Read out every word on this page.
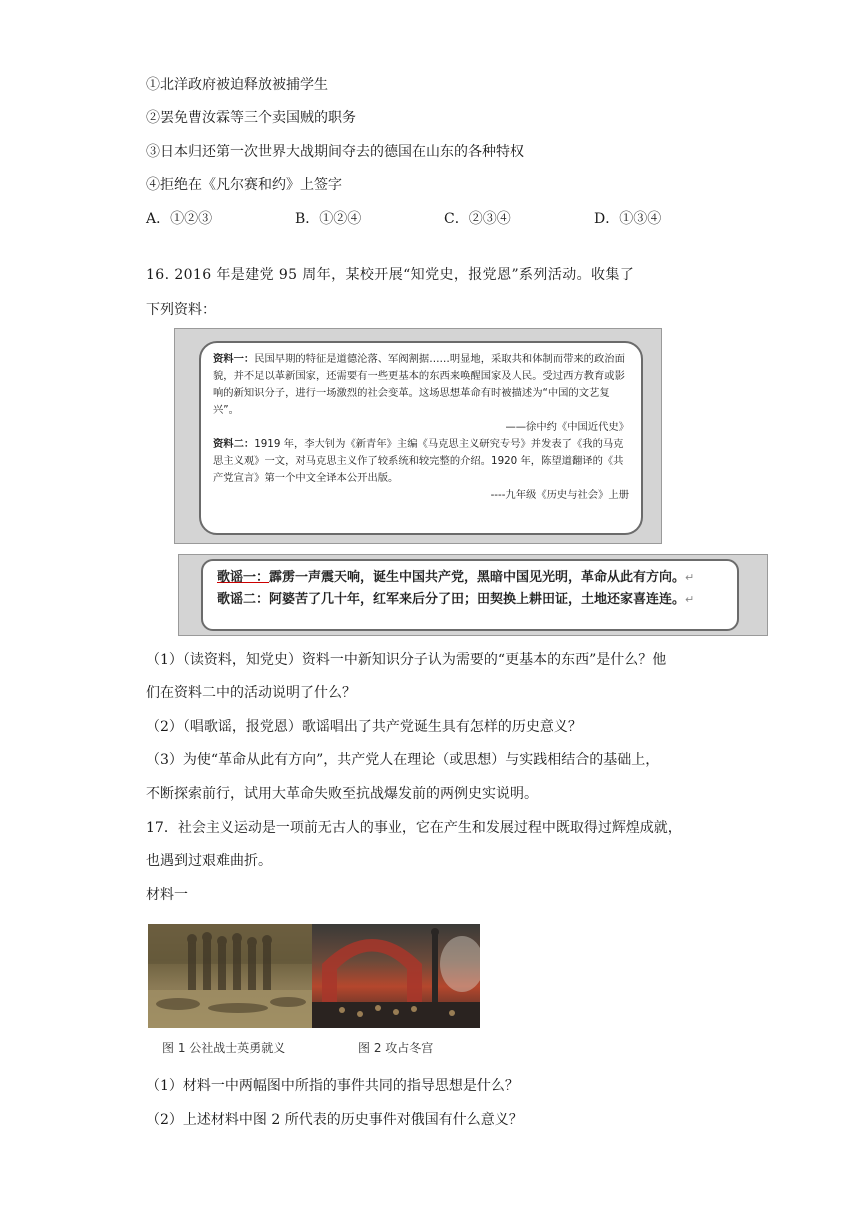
①北洋政府被迫释放被捕学生
②罢免曹汝霖等三个卖国贼的职务
③日本归还第一次世界大战期间夺去的德国在山东的各种特权
④拒绝在《凡尔赛和约》上签字
A．①②③	B．①②④	C．②③④	D．①③④
16. 2016 年是建党 95 周年，某校开展“知党史，报党恩”系列活动。收集了
下列资料：
资料一：民国早期的特征是道德沦落、军阀割据……明显地，采取共和体制而带来的政治面貌，并不足以革新国家，还需要有一些更基本的东西来唤醒国家及人民。受过西方教育或影响的新知识分子，进行一场激烈的社会变革。这场思想革命有时被描述为“中国的文艺复兴”。
——徐中约《中国近代史》
资料二：1919 年，李大钊为《新青年》主编《马克思主义研究专号》并发表了《我的马克思主义观》一文，对马克思主义作了较系统和较完整的介绍。1920 年，陈望道翻译的《共产党宣言》第一个中文全译本公开出版。
----九年级《历史与社会》上册
歌谣一：霹雳一声震天响，诞生中国共产党，黑暗中国见光明，革命从此有方向。↵
歌谣二：阿婆苦了几十年，红军来后分了田；田契换上耕田证，土地还家喜连连。↵
（1）（读资料，知党史）资料一中新知识分子认为需要的“更基本的东西”是什么？他
们在资料二中的活动说明了什么？
（2）（唱歌谣，报党恩）歌谣唱出了共产党诞生具有怎样的历史意义？
（3）为使“革命从此有方向”，共产党人在理论（或思想）与实践相结合的基础上，
不断探索前行，试用大革命失败至抗战爆发前的两例史实说明。
17．社会主义运动是一项前无古人的事业，它在产生和发展过程中既取得过辉煌成就，
也遇到过艰难曲折。
材料一
图 1 公社战士英勇就义	图 2 攻占冬宫
（1）材料一中两幅图中所指的事件共同的指导思想是什么？
（2）上述材料中图 2 所代表的历史事件对俄国有什么意义？
